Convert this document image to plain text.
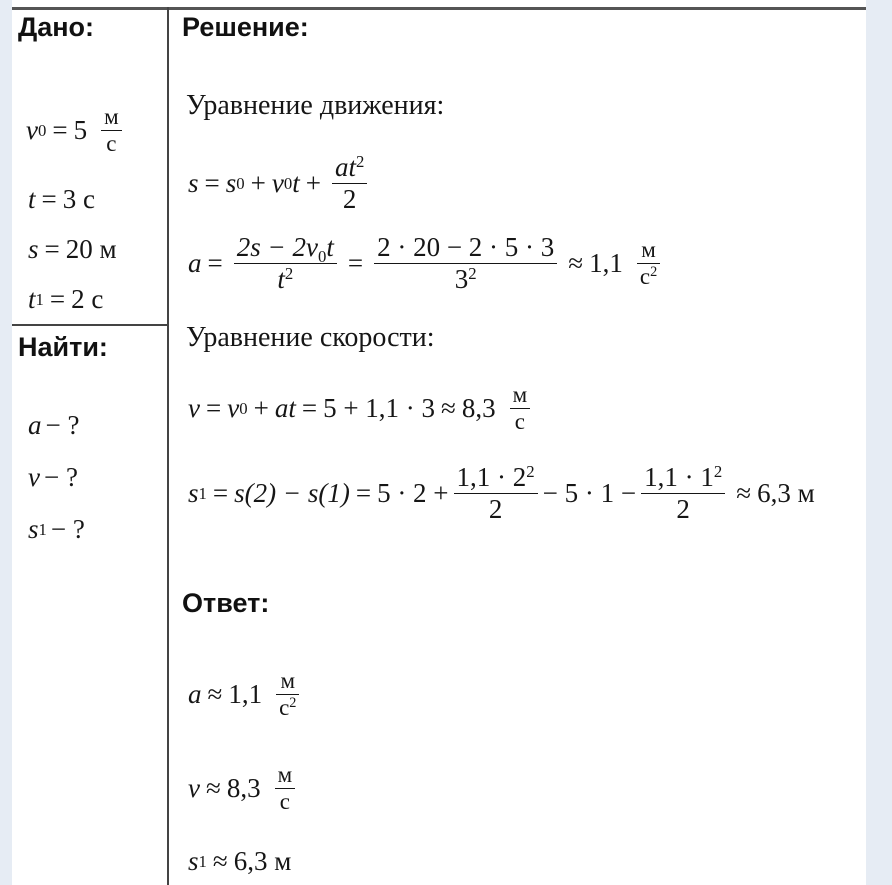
Дано:
v $0 = 5 \frac{м}{с}$
t = 3 с
s = 20 м
t 1 = 2 с
Найти:
a − ?
v − ?
s 1 − ?
Решение:
Уравнение движения:
s = s 0 + v 0 $t + \frac{at^2}{2}$
$a = \frac{2s - 2v_0t}{t^2} = \frac{2 \cdot 20 - 2 \cdot 5 \cdot 3}{3^2} \approx 1,1 \frac{м}{с^2}$
Уравнение скорости:
v = v 0 + at = $5 + 1,1 \cdot 3 \approx 8,3 \frac{м}{с}$
s $1 = s(2) - s(1) = 5 \cdot 2 + \frac{1,1 \cdot 2^2}{2} - 5 \cdot 1 - \frac{1,1 \cdot 1^2}{2} \approx 6,3$ м
Ответ:
$a \approx 1,1 \frac{м}{с^2}$
$v \approx 8,3 \frac{м}{с}$
s 1 ≈ 6,3 м
